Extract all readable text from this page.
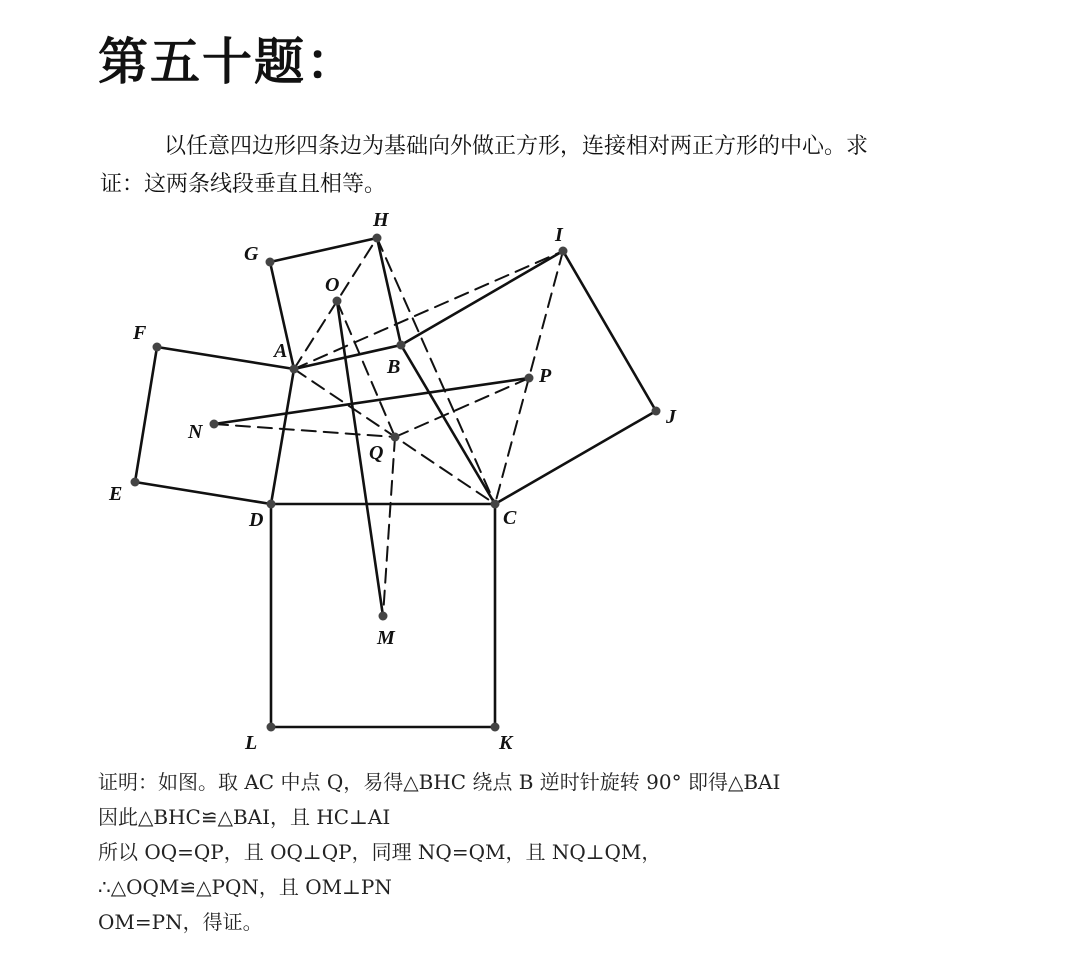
第五十题：
以任意四边形四条边为基础向外做正方形，连接相对两正方形的中心。求
证：这两条线段垂直且相等。
A
B
C
D
E
F
G
H
I
J
K
L
M
N
O
P
Q
证明：如图。取 AC 中点 Q，易得△BHC 绕点 B 逆时针旋转 90° 即得△BAI
因此△BHC≌△BAI，且 HC⊥AI
所以 OQ=QP，且 OQ⊥QP，同理 NQ=QM，且 NQ⊥QM，
∴△OQM≌△PQN，且 OM⊥PN
OM=PN，得证。
